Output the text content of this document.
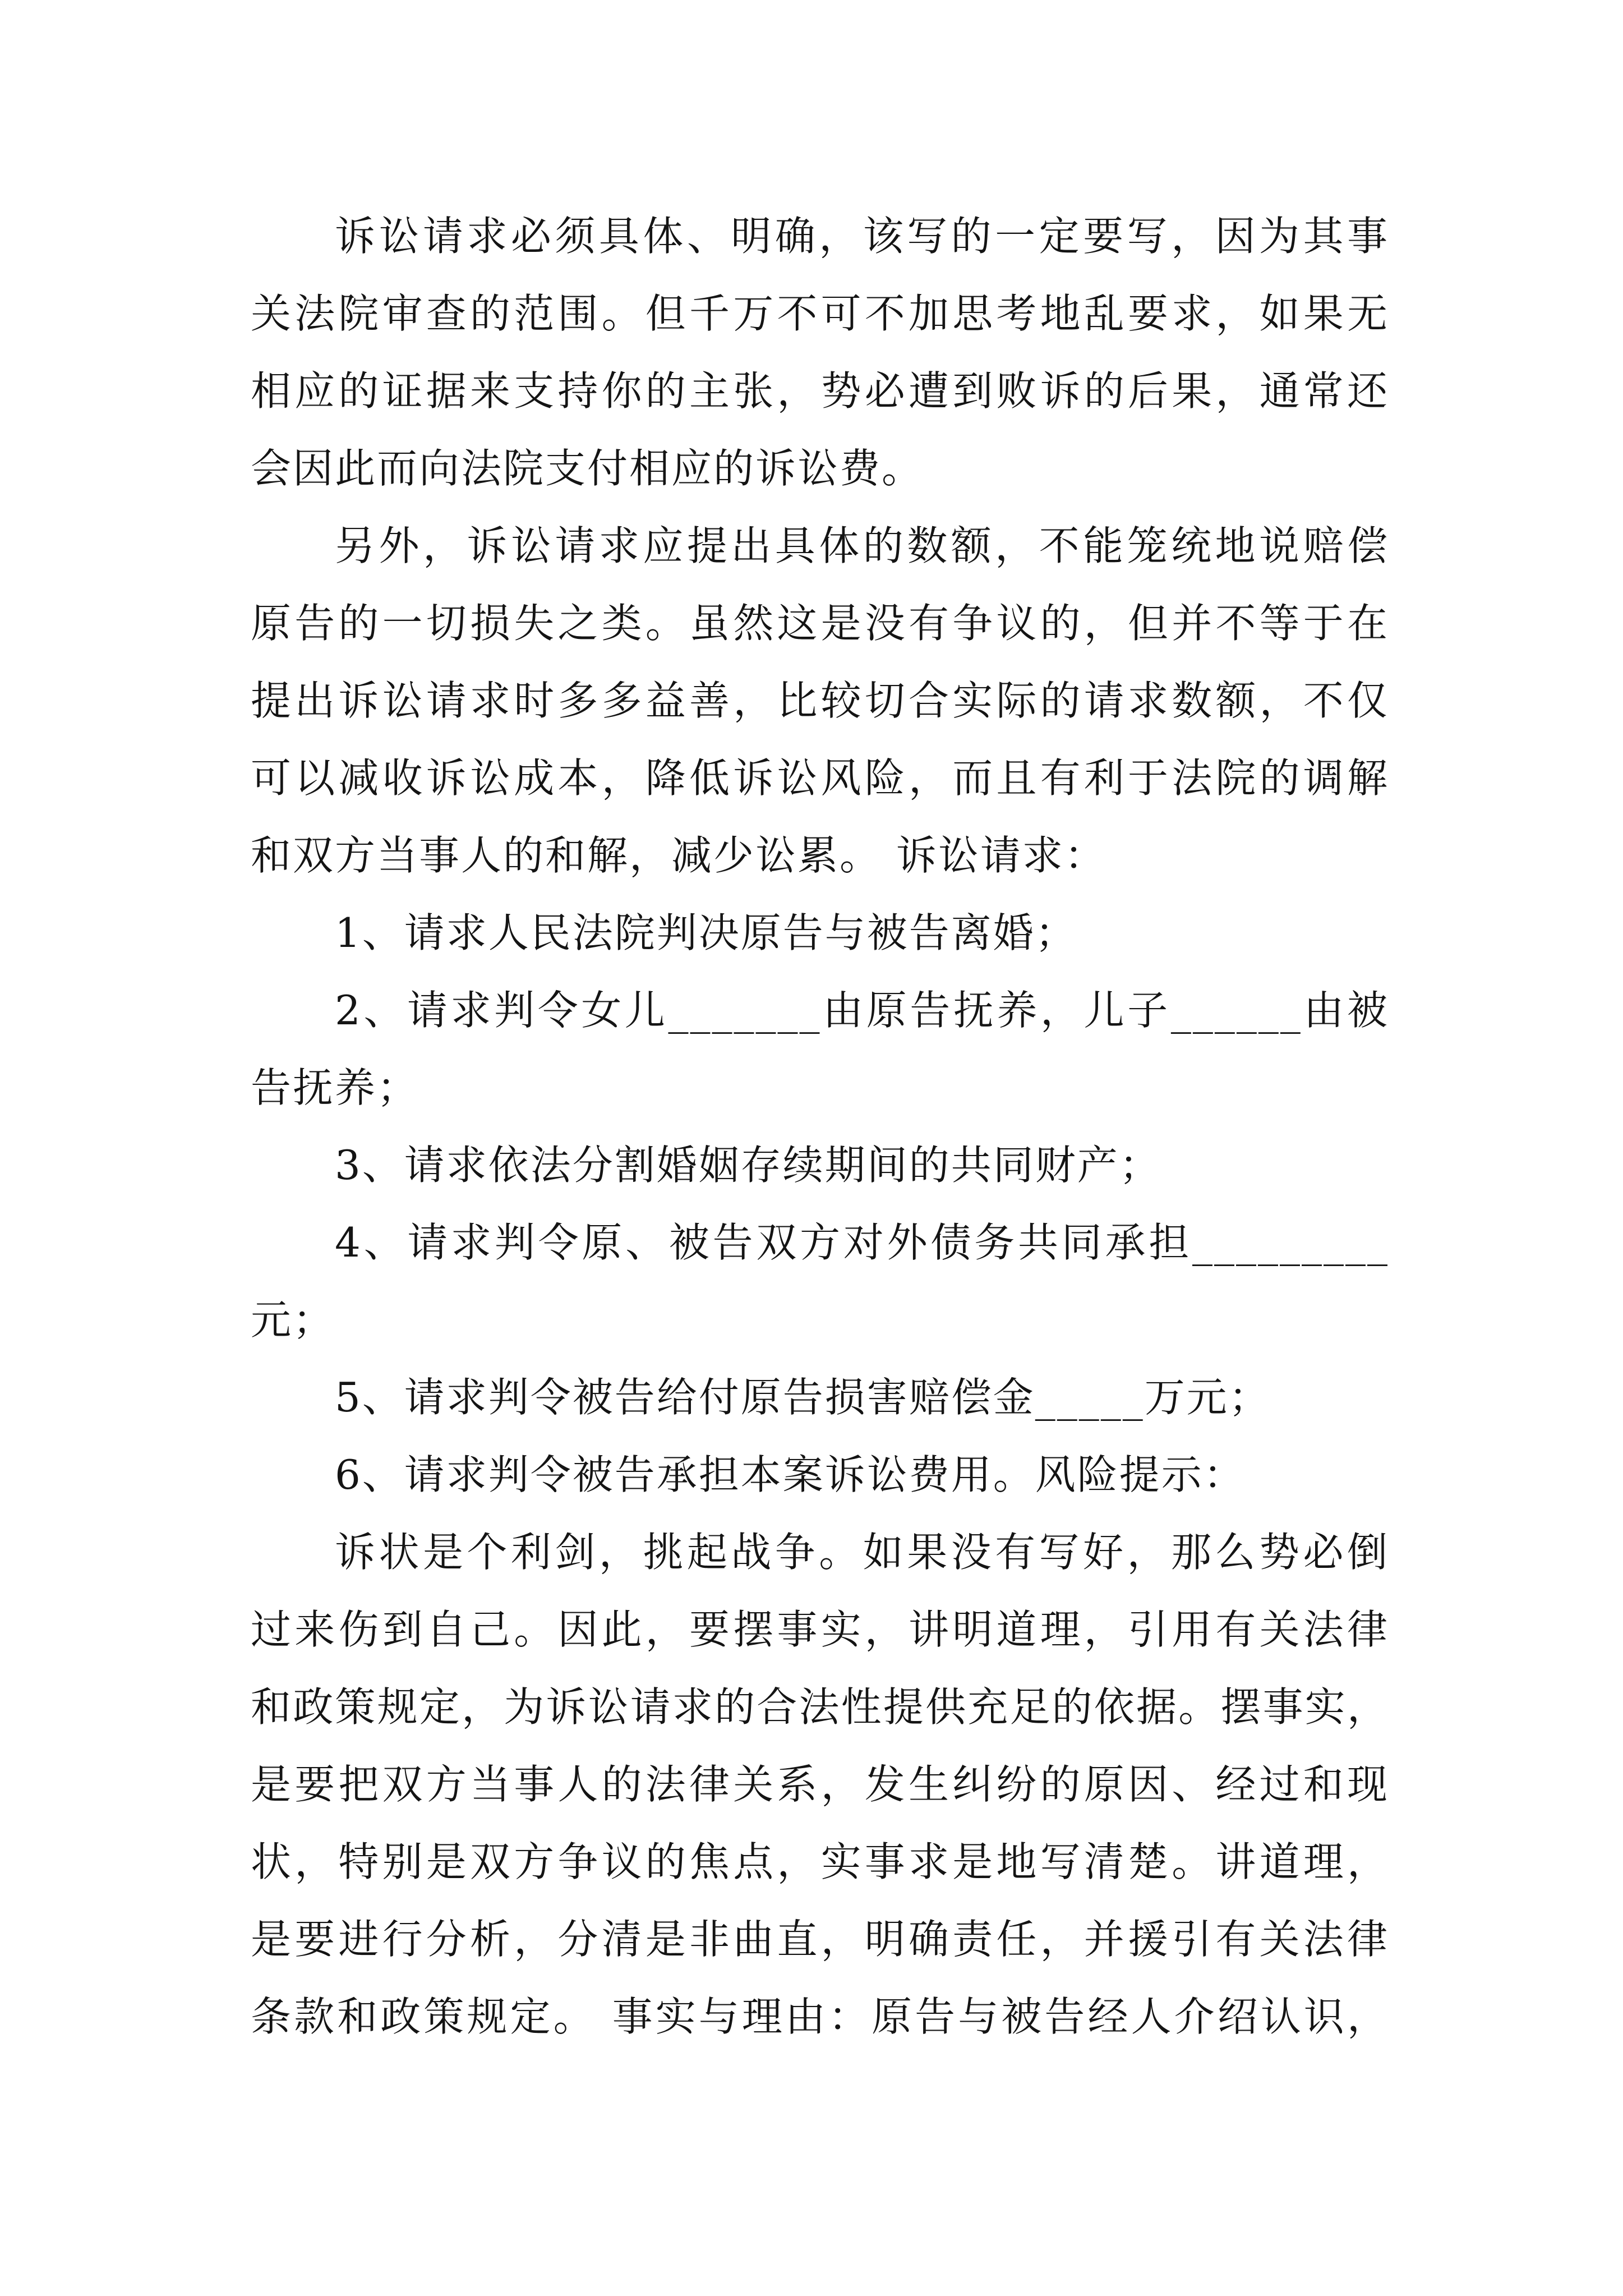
诉讼请求必须具体、明确，该写的一定要写，因为其事
关法院审查的范围。但千万不可不加思考地乱要求，如果无
相应的证据来支持你的主张，势必遭到败诉的后果，通常还
会因此而向法院支付相应的诉讼费。
另外，诉讼请求应提出具体的数额，不能笼统地说赔偿
原告的一切损失之类。虽然这是没有争议的，但并不等于在
提出诉讼请求时多多益善，比较切合实际的请求数额，不仅
可以减收诉讼成本，降低诉讼风险，而且有利于法院的调解
和双方当事人的和解，减少讼累。 诉讼请求：
1、请求人民法院判决原告与被告离婚；
2、请求判令女儿_______由原告抚养，儿子______由被
告抚养；
3、请求依法分割婚姻存续期间的共同财产；
4、请求判令原、被告双方对外债务共同承担_________
元；
5、请求判令被告给付原告损害赔偿金_____万元；
6、请求判令被告承担本案诉讼费用。风险提示：
诉状是个利剑，挑起战争。如果没有写好，那么势必倒
过来伤到自己。因此，要摆事实，讲明道理，引用有关法律
和政策规定，为诉讼请求的合法性提供充足的依据。摆事实，
是要把双方当事人的法律关系，发生纠纷的原因、经过和现
状，特别是双方争议的焦点，实事求是地写清楚。讲道理，
是要进行分析，分清是非曲直，明确责任，并援引有关法律
条款和政策规定。 事实与理由：原告与被告经人介绍认识，
